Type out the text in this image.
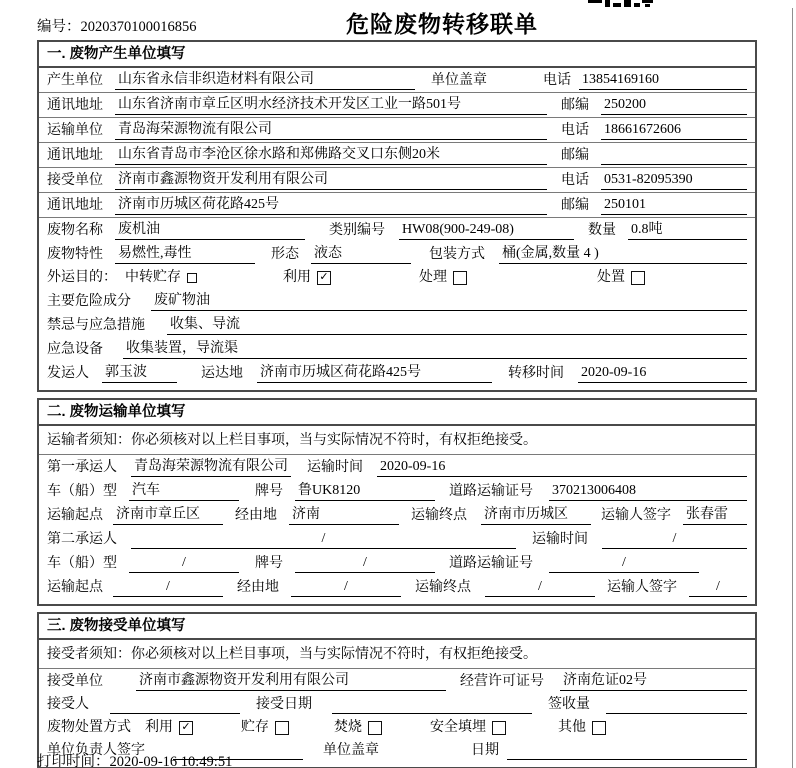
编号：2020370100016856	危险废物转移联单
一. 废物产生单位填写
产生单位	山东省永信非织造材料有限公司	单位盖章	电话 13854169160
通讯地址	山东省济南市章丘区明水经济技术开发区工业一路501号	邮编 250200
运输单位	青岛海荣源物流有限公司	电话 18661672606
通讯地址	山东省青岛市李沧区徐水路和郑佛路交叉口东侧20米	邮编
接受单位	济南市鑫源物资开发利用有限公司	电话 0531-82095390
通讯地址	济南市历城区荷花路425号	邮编 250101
废物名称	废机油	类别编号	HW08(900-249-08)	数量 0.8吨
废物特性	易燃性,毒性	形态 液态	包装方式	桶(金属,数量 4 )
外运目的： 中转贮存	利用 ✓	处理	处置
主要危险成分	废矿物油
禁忌与应急措施	收集、导流
应急设备	收集装置，导流渠
发运人	郭玉波	运达地	济南市历城区荷花路425号	转移时间	2020-09-16
二. 废物运输单位填写
运输者须知：你必须核对以上栏目事项，当与实际情况不符时，有权拒绝接受。
第一承运人	青岛海荣源物流有限公司 运输时间	2020-09-16
车（船）型	汽车	牌号 鲁UK8120	道路运输证号	370213006408
运输起点 济南市章丘区	经由地 济南	运输终点	济南市历城区	运输人签字	张春雷
第二承运人	/	运输时间	/
车（船）型	/	牌号	/	道路运输证号	/
运输起点	/	经由地	/	运输终点	/	运输人签字	/
三. 废物接受单位填写
接受者须知：你必须核对以上栏目事项，当与实际情况不符时，有权拒绝接受。
接受单位	济南市鑫源物资开发利用有限公司	经营许可证号	济南危证02号
接受人	接受日期	签收量
废物处置方式	利用 ✓	贮存	焚烧	安全填埋	其他
单位负责人签字	单位盖章	日期
打印时间：2020-09-16 10:49:51
